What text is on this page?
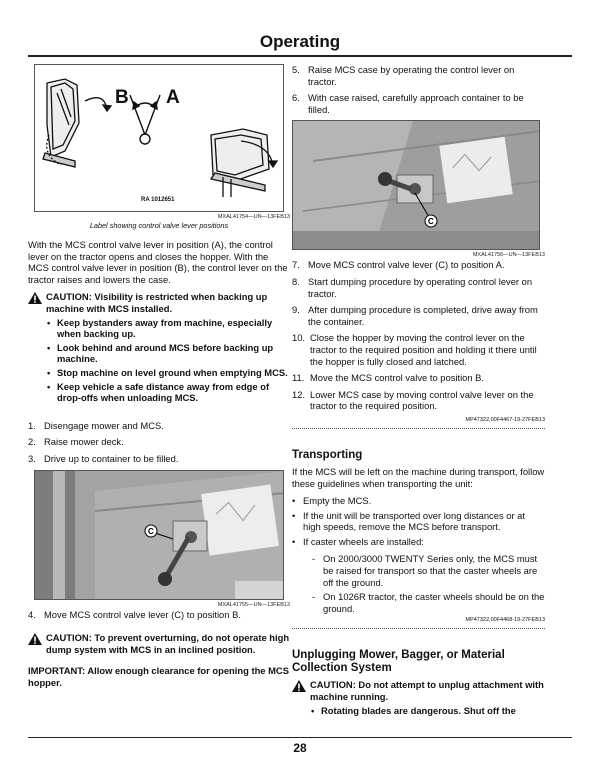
Operating
B A
RA 1012651
MXAL41754—UN—13FEB13
Label showing control valve lever positions

With the MCS control valve lever in position (A), the control lever on the tractor opens and closes the hopper. With the MCS control valve lever in position (B), the control lever on the tractor raises and lowers the case.

CAUTION: Visibility is restricted when backing up machine with MCS installed.
• Keep bystanders away from machine, especially when backing up.
• Look behind and around MCS before backing up machine.
• Stop machine on level ground when emptying MCS.
• Keep vehicle a safe distance away from edge of drop-offs when unloading MCS.
1. Disengage mower and MCS.
2. Raise mower deck.
3. Drive up to container to be filled.
C
MXAL41755—UN—13FEB13
4. Move MCS control valve lever (C) to position B.
CAUTION: To prevent overturning, do not operate high dump system with MCS in an inclined position.
IMPORTANT: Allow enough clearance for opening the MCS hopper.
5. Raise MCS case by operating the control lever on tractor.
6. With case raised, carefully approach container to be filled.
C
MXAL41756—UN—13FEB13
7. Move MCS control valve lever (C) to position A.
8. Start dumping procedure by operating control lever on tractor.
9. After dumping procedure is completed, drive away from the container.
10. Close the hopper by moving the control lever on the tractor to the required position and holding it there until the hopper is fully closed and latched.
11. Move the MCS control valve to position B.
12. Lower MCS case by moving control valve lever on the tractor to the required position.
MP47322,00F4467-19-27FEB13
Transporting

If the MCS will be left on the machine during transport, follow these guidelines when transporting the unit:

• Empty the MCS.
• If the unit will be transported over long distances or at high speeds, remove the MCS before transport.
• If caster wheels are installed:
- On 2000/3000 TWENTY Series only, the MCS must be raised for transport so that the caster wheels are off the ground.
- On 1026R tractor, the caster wheels should be on the ground.
MP47322,00F4468-19-27FEB13
Unplugging Mower, Bagger, or Material Collection System
CAUTION: Do not attempt to unplug attachment with machine running.
• Rotating blades are dangerous. Shut off the
28
